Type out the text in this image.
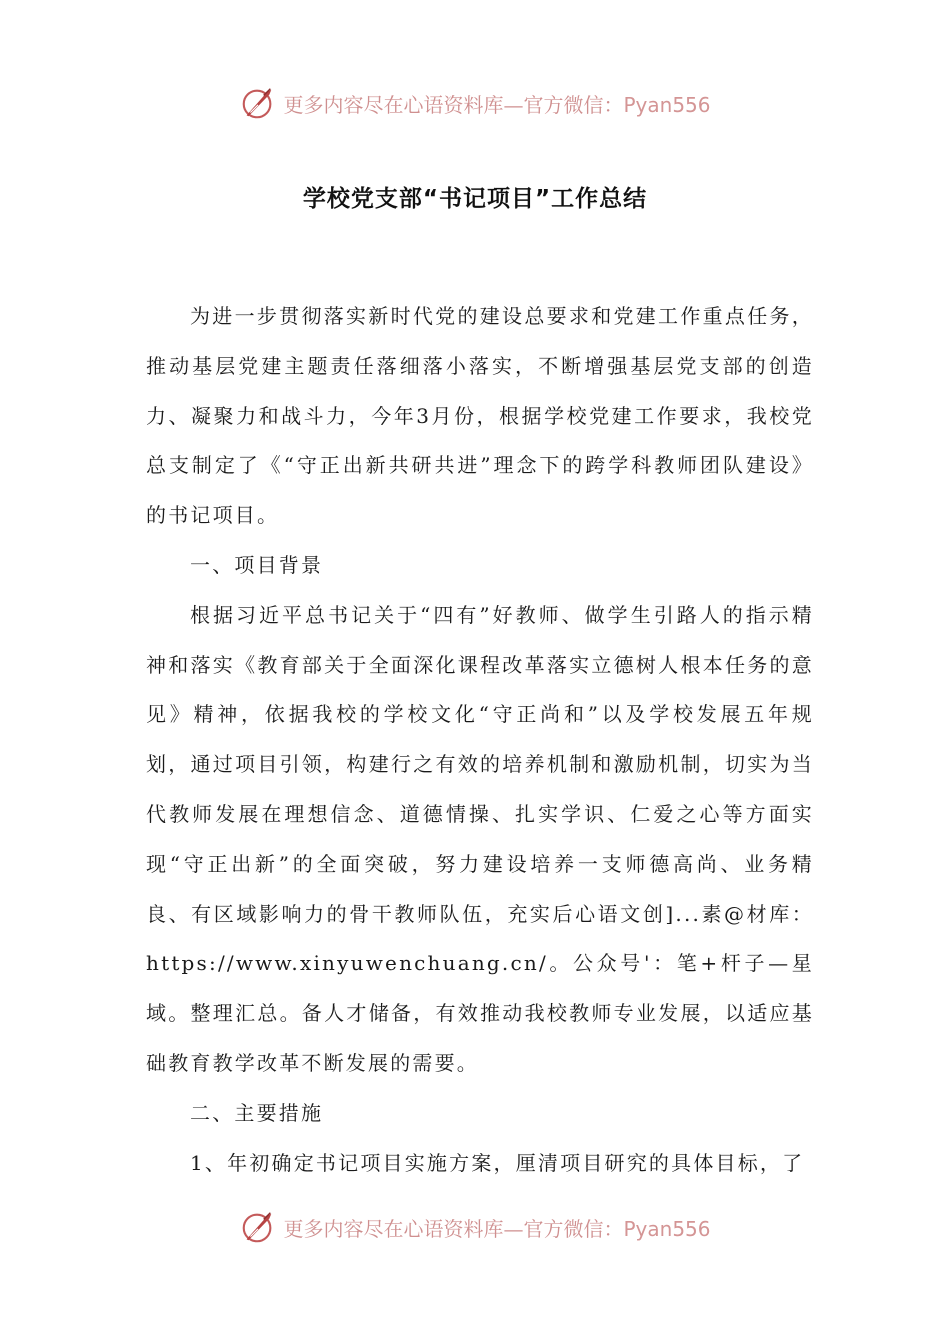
更多内容尽在心语资料库—官方微信：Pyan556
学校党支部“书记项目”工作总结

为进一步贯彻落实新时代党的建设总要求和党建工作重点任务，推动基层党建主题责任落细落小落实，不断增强基层党支部的创造力、凝聚力和战斗力，今年3月份，根据学校党建工作要求，我校党总支制定了《“守正出新共研共进”理念下的跨学科教师团队建设》的书记项目。

一、项目背景

根据习近平总书记关于“四有”好教师、做学生引路人的指示精神和落实《教育部关于全面深化课程改革落实立德树人根本任务的意见》精神，依据我校的学校文化“守正尚和”以及学校发展五年规划，通过项目引领，构建行之有效的培养机制和激励机制，切实为当代教师发展在理想信念、道德情操、扎实学识、仁爱之心等方面实现“守正出新”的全面突破，努力建设培养一支师德高尚、业务精良、有区域影响力的骨干教师队伍，充实后心语文创]...素@材库：https://www.xinyuwenchuang.cn/。公众号'：笔+杆子—星域。整理汇总。备人才储备，有效推动我校教师专业发展，以适应基础教育教学改革不断发展的需要。

二、主要措施

1、年初确定书记项目实施方案，厘清项目研究的具体目标，了

更多内容尽在心语资料库—官方微信：Pyan556
